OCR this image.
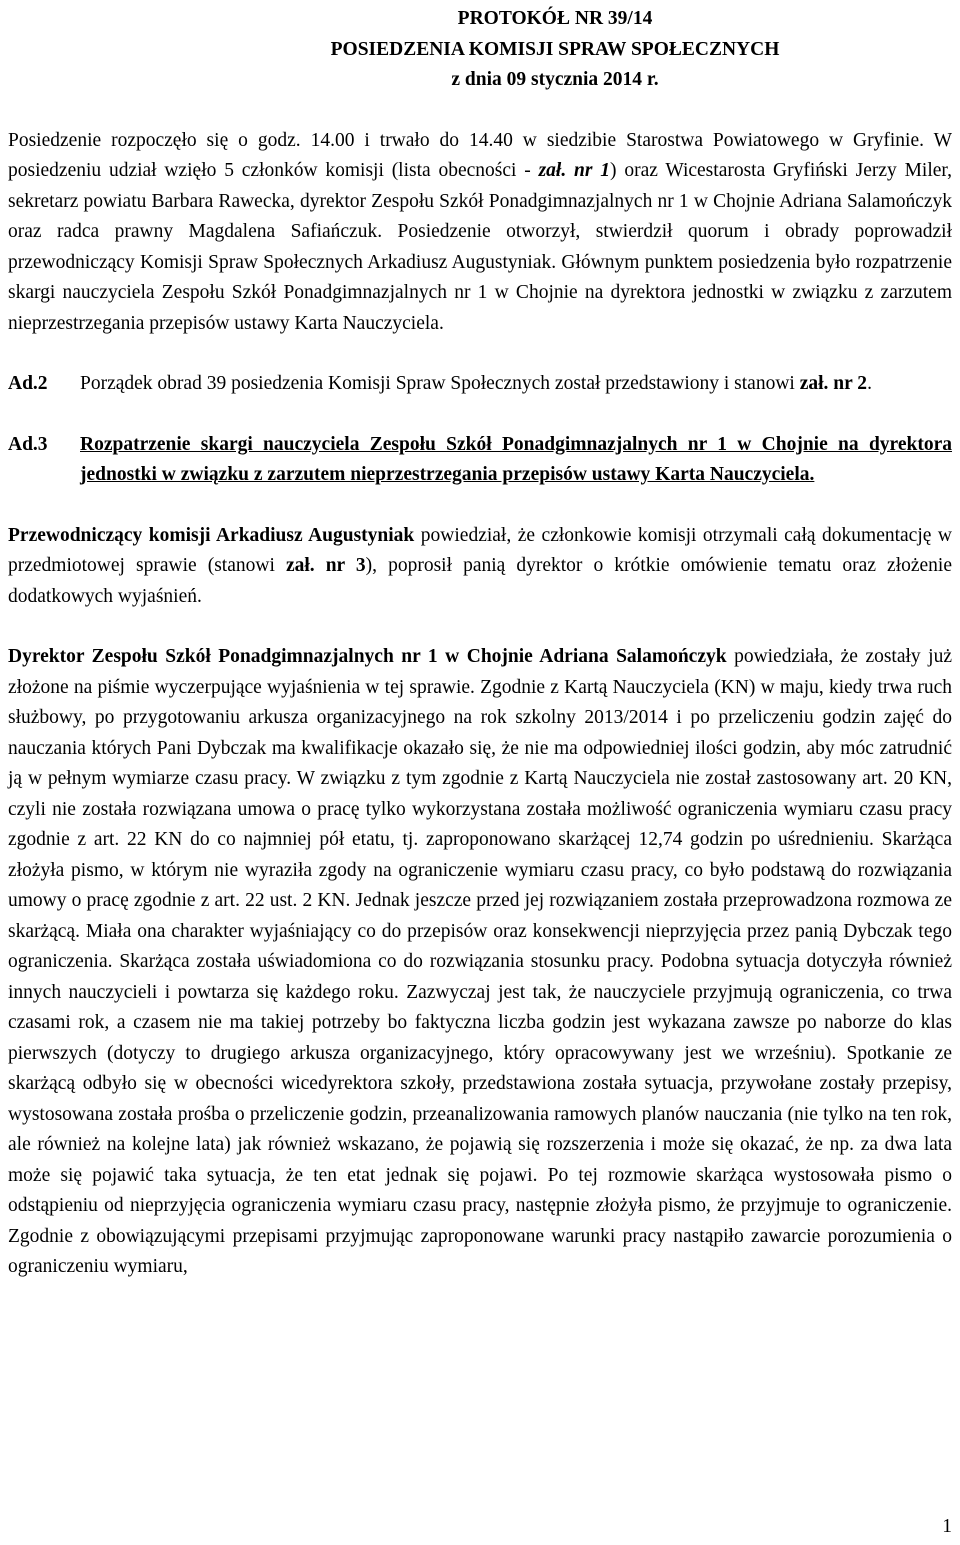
PROTOKÓŁ NR 39/14
POSIEDZENIA KOMISJI SPRAW SPOŁECZNYCH
z dnia 09 stycznia 2014 r.

Posiedzenie rozpoczęło się o godz. 14.00 i trwało do 14.40 w siedzibie Starostwa Powiatowego w Gryfinie. W posiedzeniu udział wzięło 5 członków komisji (lista obecności - zał. nr 1) oraz Wicestarosta Gryfiński Jerzy Miler, sekretarz powiatu Barbara Rawecka, dyrektor Zespołu Szkół Ponadgimnazjalnych nr 1 w Chojnie Adriana Salamończyk oraz radca prawny Magdalena Safiańczuk. Posiedzenie otworzył, stwierdził quorum i obrady poprowadził przewodniczący Komisji Spraw Społecznych Arkadiusz Augustyniak. Głównym punktem posiedzenia było rozpatrzenie skargi nauczyciela Zespołu Szkół Ponadgimnazjalnych nr 1 w Chojnie na dyrektora jednostki w związku z zarzutem nieprzestrzegania przepisów ustawy Karta Nauczyciela.

Ad.2	Porządek obrad 39 posiedzenia Komisji Spraw Społecznych został przedstawiony i stanowi zał. nr 2.
Ad.3	Rozpatrzenie skargi nauczyciela Zespołu Szkół Ponadgimnazjalnych nr 1 w Chojnie na dyrektora jednostki w związku z zarzutem nieprzestrzegania przepisów ustawy Karta Nauczyciela.

Przewodniczący komisji Arkadiusz Augustyniak powiedział, że członkowie komisji otrzymali całą dokumentację w przedmiotowej sprawie (stanowi zał. nr 3), poprosił panią dyrektor o krótkie omówienie tematu oraz złożenie dodatkowych wyjaśnień.

Dyrektor Zespołu Szkół Ponadgimnazjalnych nr 1 w Chojnie Adriana Salamończyk powiedziała, że zostały już złożone na piśmie wyczerpujące wyjaśnienia w tej sprawie. Zgodnie z Kartą Nauczyciela (KN) w maju, kiedy trwa ruch służbowy, po przygotowaniu arkusza organizacyjnego na rok szkolny 2013/2014 i po przeliczeniu godzin zajęć do nauczania których Pani Dybczak ma kwalifikacje okazało się, że nie ma odpowiedniej ilości godzin, aby móc zatrudnić ją w pełnym wymiarze czasu pracy. W związku z tym zgodnie z Kartą Nauczyciela nie został zastosowany art. 20 KN, czyli nie została rozwiązana umowa o pracę tylko wykorzystana została możliwość ograniczenia wymiaru czasu pracy zgodnie z art. 22 KN do co najmniej pół etatu, tj. zaproponowano skarżącej 12,74 godzin po uśrednieniu. Skarżąca złożyła pismo, w którym nie wyraziła zgody na ograniczenie wymiaru czasu pracy, co było podstawą do rozwiązania umowy o pracę zgodnie z art. 22 ust. 2 KN. Jednak jeszcze przed jej rozwiązaniem została przeprowadzona rozmowa ze skarżącą. Miała ona charakter wyjaśniający co do przepisów oraz konsekwencji nieprzyjęcia przez panią Dybczak tego ograniczenia. Skarżąca została uświadomiona co do rozwiązania stosunku pracy. Podobna sytuacja dotyczyła również innych nauczycieli i powtarza się każdego roku. Zazwyczaj jest tak, że nauczyciele przyjmują ograniczenia, co trwa czasami rok, a czasem nie ma takiej potrzeby bo faktyczna liczba godzin jest wykazana zawsze po naborze do klas pierwszych (dotyczy to drugiego arkusza organizacyjnego, który opracowywany jest we wrześniu). Spotkanie ze skarżącą odbyło się w obecności wicedyrektora szkoły, przedstawiona została sytuacja, przywołane zostały przepisy, wystosowana została prośba o przeliczenie godzin, przeanalizowania ramowych planów nauczania (nie tylko na ten rok, ale również na kolejne lata) jak również wskazano, że pojawią się rozszerzenia i może się okazać, że np. za dwa lata może się pojawić taka sytuacja, że ten etat jednak się pojawi. Po tej rozmowie skarżąca wystosowała pismo o odstąpieniu od nieprzyjęcia ograniczenia wymiaru czasu pracy, następnie złożyła pismo, że przyjmuje to ograniczenie. Zgodnie z obowiązującymi przepisami przyjmując zaproponowane warunki pracy nastąpiło zawarcie porozumienia o ograniczeniu wymiaru,

1
